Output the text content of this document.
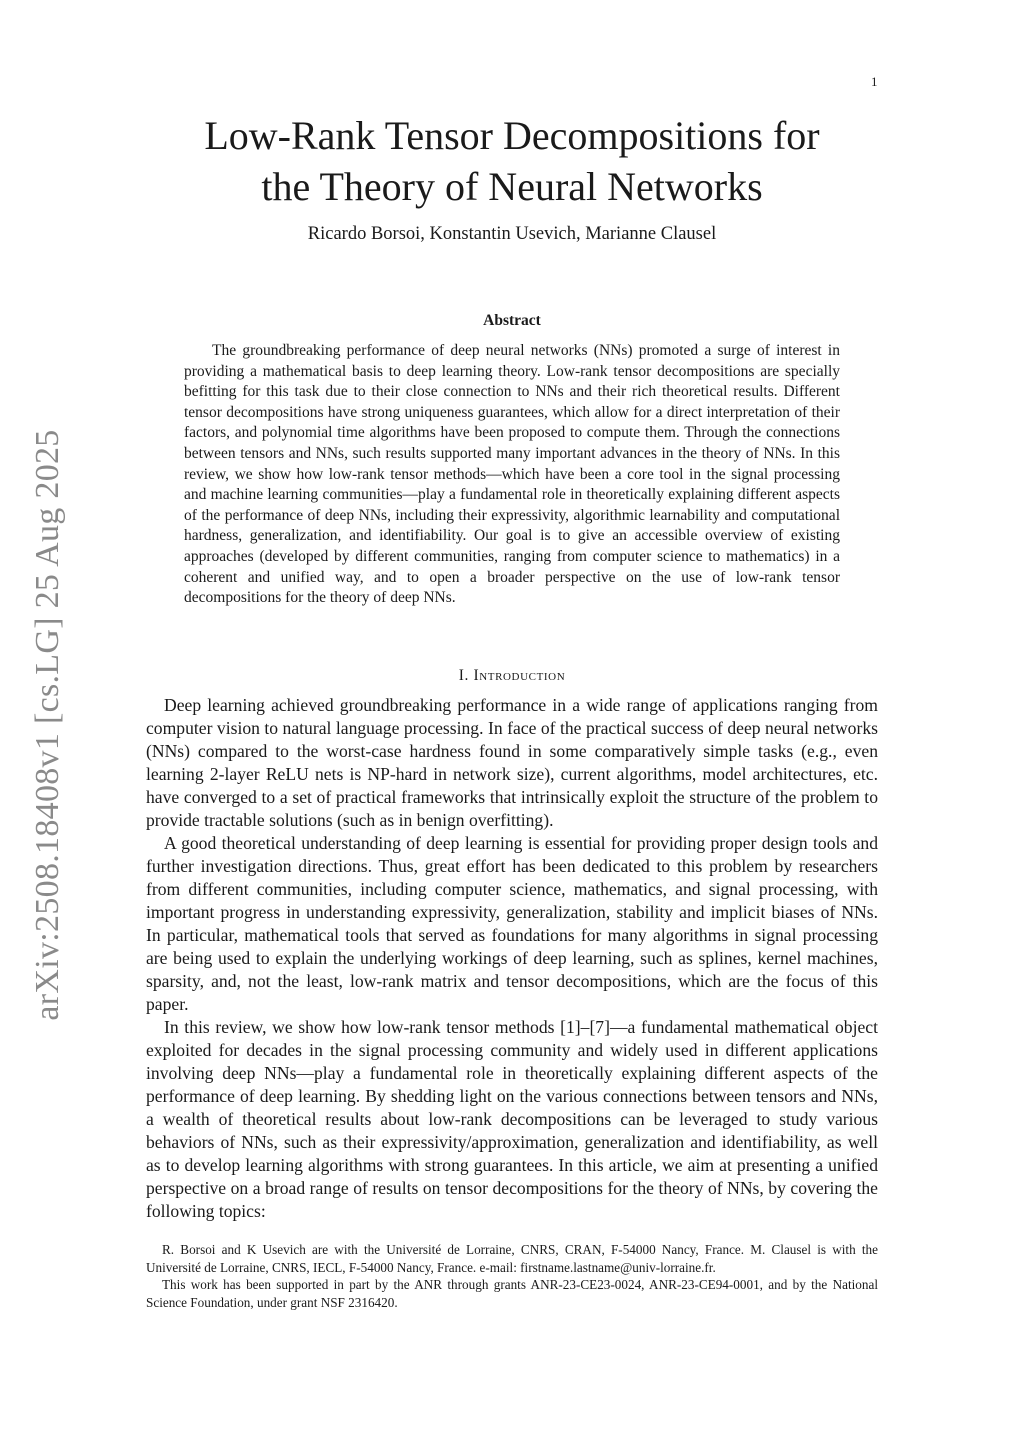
1
arXiv:2508.18408v1 [cs.LG] 25 Aug 2025
Low-Rank Tensor Decompositions for
the Theory of Neural Networks
Ricardo Borsoi, Konstantin Usevich, Marianne Clausel
Abstract

The groundbreaking performance of deep neural networks (NNs) promoted a surge of interest in providing a mathematical basis to deep learning theory. Low-rank tensor decompositions are specially befitting for this task due to their close connection to NNs and their rich theoretical results. Different tensor decompositions have strong uniqueness guarantees, which allow for a direct interpretation of their factors, and polynomial time algorithms have been proposed to compute them. Through the connections between tensors and NNs, such results supported many important advances in the theory of NNs. In this review, we show how low-rank tensor methods—which have been a core tool in the signal processing and machine learning communities—play a fundamental role in theoretically explaining different aspects of the performance of deep NNs, including their expressivity, algorithmic learnability and computational hardness, generalization, and identifiability. Our goal is to give an accessible overview of existing approaches (developed by different communities, ranging from computer science to mathematics) in a coherent and unified way, and to open a broader perspective on the use of low-rank tensor decompositions for the theory of deep NNs.

I. Introduction

Deep learning achieved groundbreaking performance in a wide range of applications ranging from computer vision to natural language processing. In face of the practical success of deep neural networks (NNs) compared to the worst-case hardness found in some comparatively simple tasks (e.g., even learning 2-layer ReLU nets is NP-hard in network size), current algorithms, model architectures, etc. have converged to a set of practical frameworks that intrinsically exploit the structure of the problem to provide tractable solutions (such as in benign overfitting).

A good theoretical understanding of deep learning is essential for providing proper design tools and further investigation directions. Thus, great effort has been dedicated to this problem by researchers from different communities, including computer science, mathematics, and signal processing, with important progress in understanding expressivity, generalization, stability and implicit biases of NNs. In particular, mathematical tools that served as foundations for many algorithms in signal processing are being used to explain the underlying workings of deep learning, such as splines, kernel machines, sparsity, and, not the least, low-rank matrix and tensor decompositions, which are the focus of this paper.

In this review, we show how low-rank tensor methods [1]–[7]—a fundamental mathematical object exploited for decades in the signal processing community and widely used in different applications involving deep NNs—play a fundamental role in theoretically explaining different aspects of the performance of deep learning. By shedding light on the various connections between tensors and NNs, a wealth of theoretical results about low-rank decompositions can be leveraged to study various behaviors of NNs, such as their expressivity/approximation, generalization and identifiability, as well as to develop learning algorithms with strong guarantees. In this article, we aim at presenting a unified perspective on a broad range of results on tensor decompositions for the theory of NNs, by covering the following topics:

R. Borsoi and K Usevich are with the Université de Lorraine, CNRS, CRAN, F-54000 Nancy, France. M. Clausel is with the Université de Lorraine, CNRS, IECL, F-54000 Nancy, France. e-mail: firstname.lastname@univ-lorraine.fr.

This work has been supported in part by the ANR through grants ANR-23-CE23-0024, ANR-23-CE94-0001, and by the National Science Foundation, under grant NSF 2316420.
